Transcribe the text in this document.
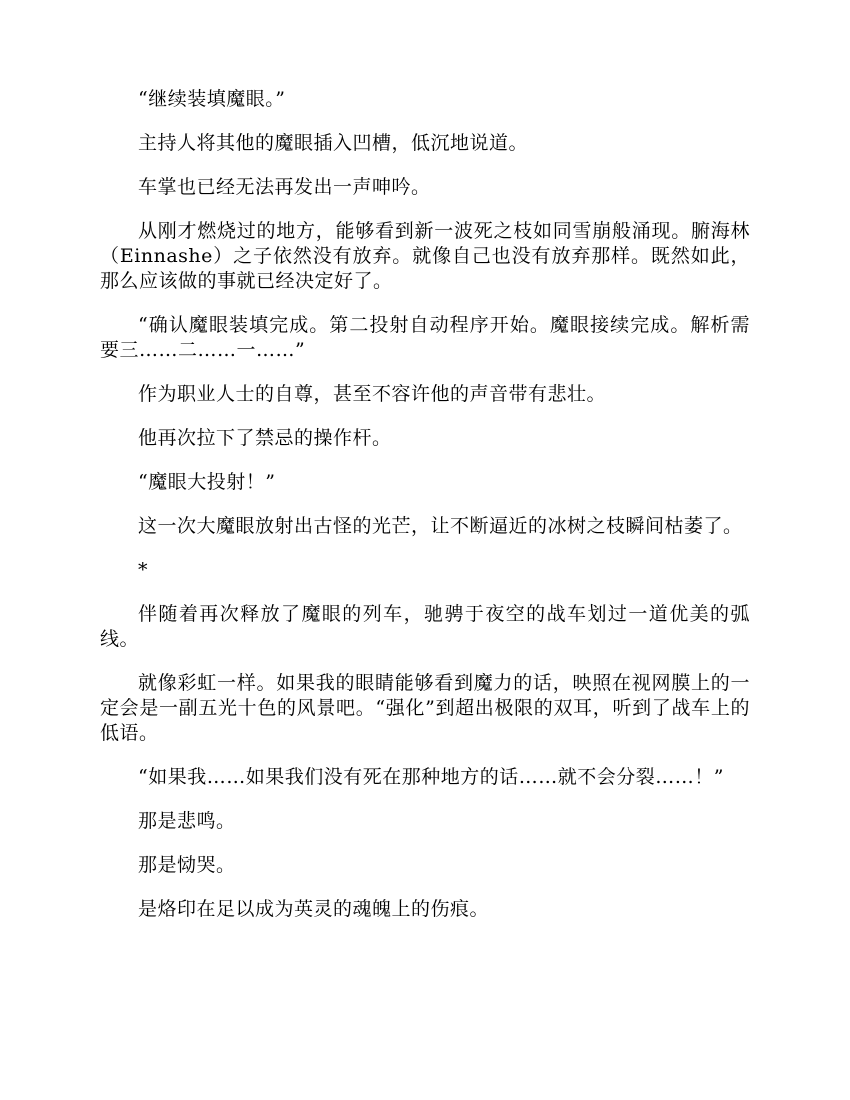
“继续装填魔眼。”

主持人将其他的魔眼插入凹槽，低沉地说道。

车掌也已经无法再发出一声呻吟。

从刚才燃烧过的地方，能够看到新一波死之枝如同雪崩般涌现。腑海林（Einnashe）之子依然没有放弃。就像自己也没有放弃那样。既然如此，那么应该做的事就已经决定好了。

“确认魔眼装填完成。第二投射自动程序开始。魔眼接续完成。解析需要三……二……一……”

作为职业人士的自尊，甚至不容许他的声音带有悲壮。

他再次拉下了禁忌的操作杆。

“魔眼大投射！”

这一次大魔眼放射出古怪的光芒，让不断逼近的冰树之枝瞬间枯萎了。

*

伴随着再次释放了魔眼的列车，驰骋于夜空的战车划过一道优美的弧线。

就像彩虹一样。如果我的眼睛能够看到魔力的话，映照在视网膜上的一定会是一副五光十色的风景吧。“强化”到超出极限的双耳，听到了战车上的低语。

“如果我……如果我们没有死在那种地方的话……就不会分裂……！”

那是悲鸣。

那是恸哭。

是烙印在足以成为英灵的魂魄上的伤痕。
